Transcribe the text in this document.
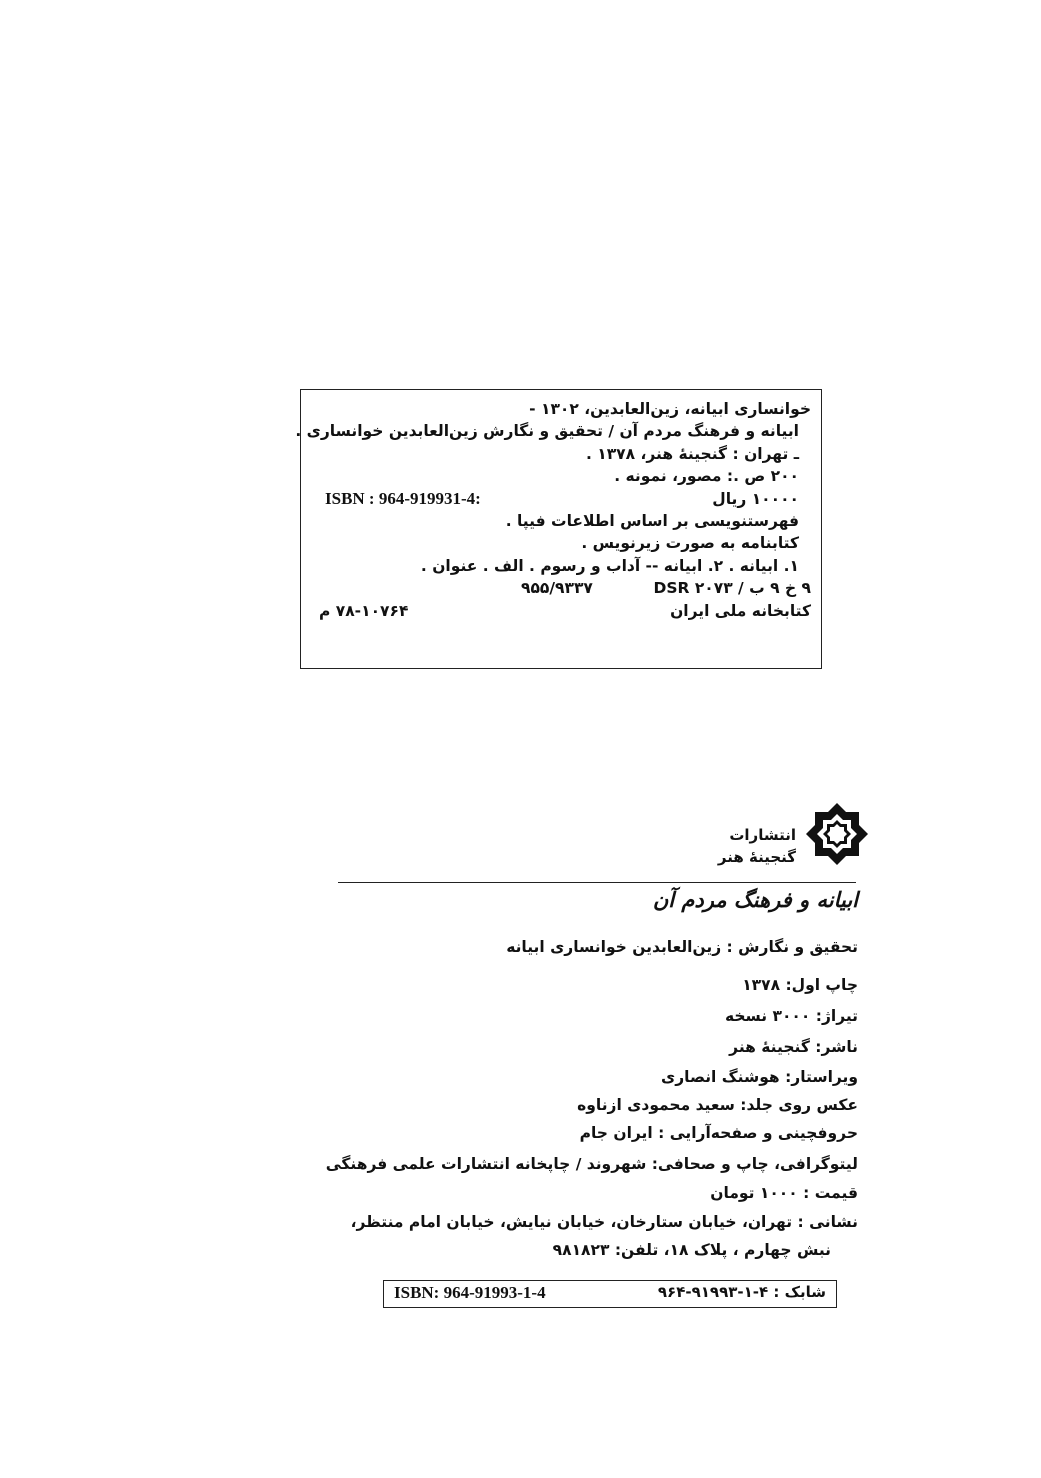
خوانساری ابیانه، زین‌العابدین، ۱۳۰۲ -
ابیانه و فرهنگ مردم آن / تحقیق و نگارش زین‌العابدین خوانساری .
ـ تهران : گنجینهٔ هنر، ۱۳۷۸ .
۲۰۰ ص .: مصور، نمونه .
۱۰۰۰۰ ریال
ISBN : 964-919931-4:
فهرستنویسی بر اساس اطلاعات فیپا .
کتابنامه به صورت زیرنویس .
۱. ابیانه . ۲. ابیانه -- آداب و رسوم . الف . عنوان .
۹ خ ۹ ب / DSR ۲۰۷۳
۹۵۵/۹۳۳۷
کتابخانه ملی ایران
۷۸-۱۰۷۶۴ م
انتشارات
گنجینهٔ هنر
ابیانه و فرهنگ مردم آن
تحقیق و نگارش : زین‌العابدین خوانساری ابیانه
چاپ اول: ۱۳۷۸
تیراژ: ۳۰۰۰ نسخه
ناشر: گنجینهٔ هنر
ویراستار: هوشنگ انصاری
عکس روی جلد: سعید محمودی ازناوه
حروفچینی و صفحه‌آرایی : ایران جام
لیتوگرافی، چاپ و صحافی: شهروند / چاپخانه انتشارات علمی فرهنگی
قیمت : ۱۰۰۰ تومان
نشانی : تهران، خیابان ستارخان، خیابان نیایش، خیابان امام منتظر،
نبش چهارم ، پلاک ۱۸، تلفن: ۹۸۱۸۲۳
ISBN: 964-91993-1-4	شابک : ۴-۱-۹۱۹۹۳-۹۶۴
